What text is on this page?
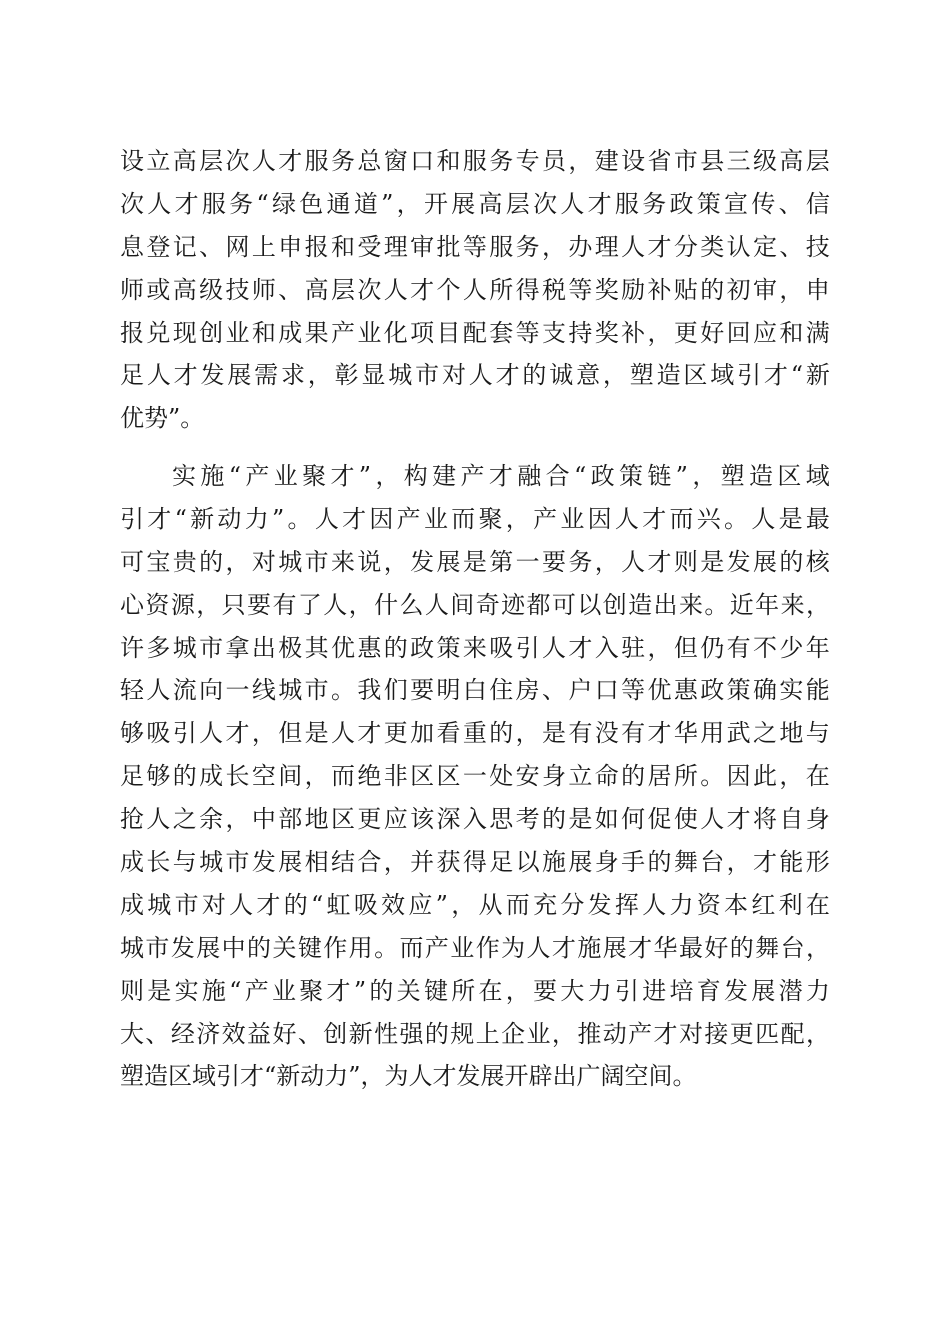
设 立 高 层 次 人 才 服 务 总 窗 口 和 服 务 专 员 ， 建 设 省 市 县 三 级 高 层
次 人 才 服 务 “ 绿 色 通 道 ” ， 开 展 高 层 次 人 才 服 务 政 策 宣 传 、 信
息 登 记 、 网 上 申 报 和 受 理 审 批 等 服 务 ， 办 理 人 才 分 类 认 定 、 技
师 或 高 级 技 师 、 高 层 次 人 才 个 人 所 得 税 等 奖 励 补 贴 的 初 审 ， 申
报 兑 现 创 业 和 成 果 产 业 化 项 目 配 套 等 支 持 奖 补 ， 更 好 回 应 和 满
足 人 才 发 展 需 求 ， 彰 显 城 市 对 人 才 的 诚 意 ， 塑 造 区 域 引 才 “ 新
优势”。
实 施 “ 产 业 聚 才 ” ， 构 建 产 才 融 合 “ 政 策 链 ” ， 塑 造 区 域
引 才 “ 新 动 力 ” 。 人 才 因 产 业 而 聚 ， 产 业 因 人 才 而 兴 。 人 是 最
可 宝 贵 的 ， 对 城 市 来 说 ， 发 展 是 第 一 要 务 ， 人 才 则 是 发 展 的 核
心 资 源 ， 只 要 有 了 人 ， 什 么 人 间 奇 迹 都 可 以 创 造 出 来 。 近 年 来 ，
许 多 城 市 拿 出 极 其 优 惠 的 政 策 来 吸 引 人 才 入 驻 ， 但 仍 有 不 少 年
轻 人 流 向 一 线 城 市 。 我 们 要 明 白 住 房 、 户 口 等 优 惠 政 策 确 实 能
够 吸 引 人 才 ， 但 是 人 才 更 加 看 重 的 ， 是 有 没 有 才 华 用 武 之 地 与
足 够 的 成 长 空 间 ， 而 绝 非 区 区 一 处 安 身 立 命 的 居 所 。 因 此 ， 在
抢 人 之 余 ， 中 部 地 区 更 应 该 深 入 思 考 的 是 如 何 促 使 人 才 将 自 身
成 长 与 城 市 发 展 相 结 合 ， 并 获 得 足 以 施 展 身 手 的 舞 台 ， 才 能 形
成 城 市 对 人 才 的 “ 虹 吸 效 应 ” ， 从 而 充 分 发 挥 人 力 资 本 红 利 在
城 市 发 展 中 的 关 键 作 用 。 而 产 业 作 为 人 才 施 展 才 华 最 好 的 舞 台 ，
则 是 实 施 “ 产 业 聚 才 ” 的 关 键 所 在 ， 要 大 力 引 进 培 育 发 展 潜 力
大 、 经 济 效 益 好 、 创 新 性 强 的 规 上 企 业 ， 推 动 产 才 对 接 更 匹 配 ，
塑造区域引才“新动力”，为人才发展开辟出广阔空间。
